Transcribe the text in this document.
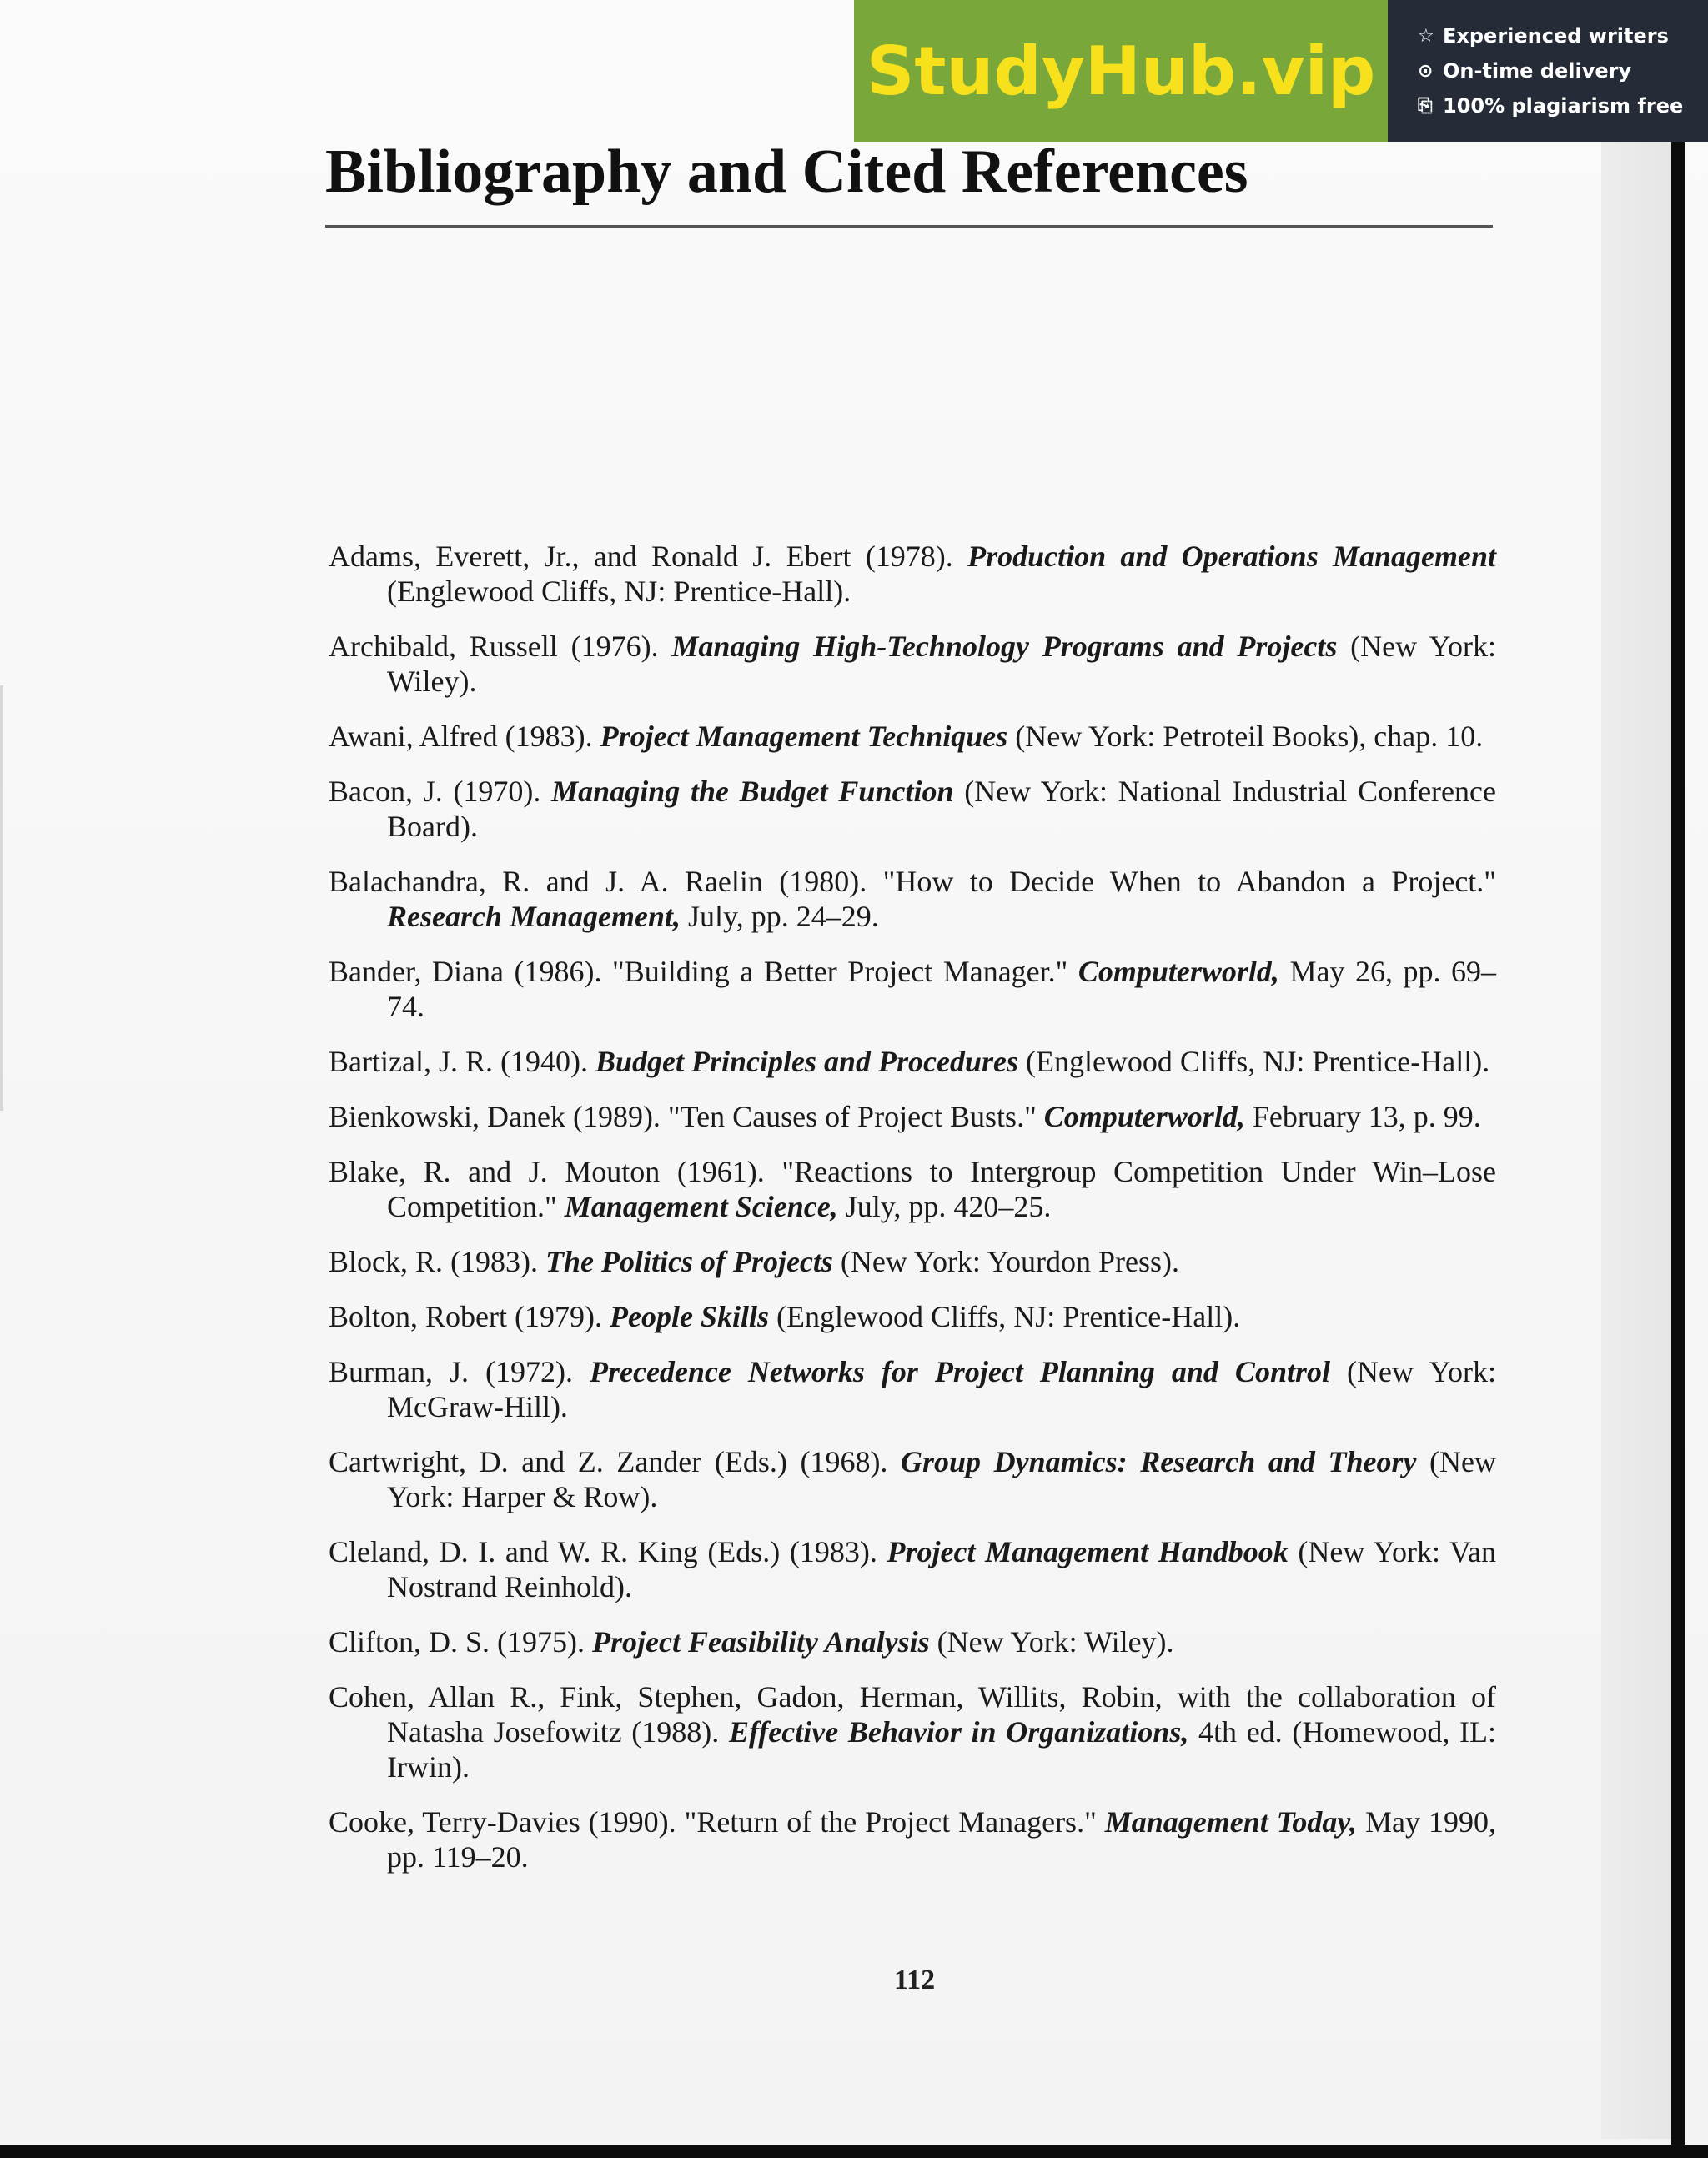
StudyHub.vip ☆ Experienced writers
⊙ On-time delivery
⎘ 100% plagiarism free
Bibliography and Cited References
Adams, Everett, Jr., and Ronald J. Ebert (1978). Production and Operations Management (Englewood Cliffs, NJ: Prentice-Hall).
Archibald, Russell (1976). Managing High-Technology Programs and Projects (New York: Wiley).
Awani, Alfred (1983). Project Management Techniques (New York: Petroteil Books), chap. 10.
Bacon, J. (1970). Managing the Budget Function (New York: National Industrial Conference Board).
Balachandra, R. and J. A. Raelin (1980). "How to Decide When to Abandon a Project." Research Management, July, pp. 24–29.
Bander, Diana (1986). "Building a Better Project Manager." Computerworld, May 26, pp. 69–74.
Bartizal, J. R. (1940). Budget Principles and Procedures (Englewood Cliffs, NJ: Prentice-Hall).
Bienkowski, Danek (1989). "Ten Causes of Project Busts." Computerworld, February 13, p. 99.
Blake, R. and J. Mouton (1961). "Reactions to Intergroup Competition Under Win–Lose Competition." Management Science, July, pp. 420–25.
Block, R. (1983). The Politics of Projects (New York: Yourdon Press).
Bolton, Robert (1979). People Skills (Englewood Cliffs, NJ: Prentice-Hall).
Burman, J. (1972). Precedence Networks for Project Planning and Control (New York: McGraw-Hill).
Cartwright, D. and Z. Zander (Eds.) (1968). Group Dynamics: Research and Theory (New York: Harper & Row).
Cleland, D. I. and W. R. King (Eds.) (1983). Project Management Handbook (New York: Van Nostrand Reinhold).
Clifton, D. S. (1975). Project Feasibility Analysis (New York: Wiley).
Cohen, Allan R., Fink, Stephen, Gadon, Herman, Willits, Robin, with the collaboration of Natasha Josefowitz (1988). Effective Behavior in Organizations, 4th ed. (Homewood, IL: Irwin).
Cooke, Terry-Davies (1990). "Return of the Project Managers." Management Today, May 1990, pp. 119–20.
112
